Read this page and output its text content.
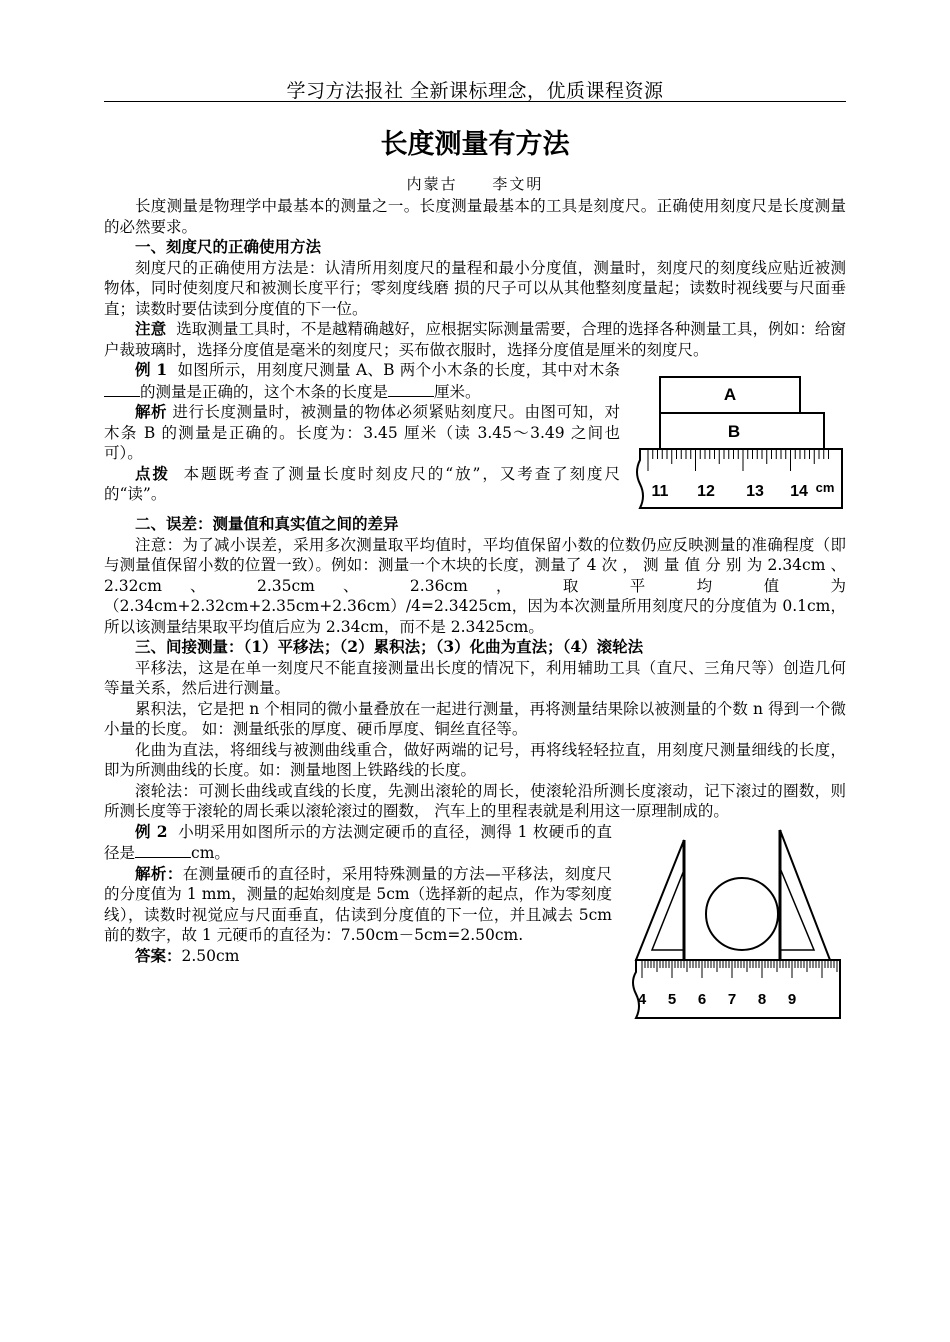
学习方法报社 全新课标理念，优质课程资源
长度测量有方法
内蒙古 李文明

长度测量是物理学中最基本的测量之一。长度测量最基本的工具是刻度尺。正确使用刻度尺是长度测量的必然要求。

一、刻度尺的正确使用方法

刻度尺的正确使用方法是：认清所用刻度尺的量程和最小分度值，测量时，刻度尺的刻度线应贴近被测物体，同时使刻度尺和被测长度平行；零刻度线磨 损的尺子可以从其他整刻度量起；读数时视线要与尺面垂直；读数时要估读到分度值的下一位。

注意 选取测量工具时，不是越精确越好，应根据实际测量需要，合理的选择各种测量工具，例如：给窗户裁玻璃时，选择分度值是毫米的刻度尺；买布做衣服时，选择分度值是厘米的刻度尺。

A
B
11 12 13 14 cm

例 1 如图所示，用刻度尺测量 A、B 两个小木条的长度，其中对木条的测量是正确的，这个木条的长度是	厘米。

解析 进行长度测量时，被测量的物体必须紧贴刻度尺。由图可知，对木条 B 的测量是正确的。长度为：3.45 厘米（读 3.45～3.49 之间也可）。

点拨 本题既考查了测量长度时刻皮尺的“放”，又考查了刻度尺的“读”。

二、误差：测量值和真实值之间的差异

注意：为了减小误差，采用多次测量取平均值时，平均值保留小数的位数仍应反映测量的准确程度（即与测量值保留小数的位置一致）。例如：测量一个木块的长度，测量了 4 次 ， 测 量 值 分 别 为 2.34cm 、 2.32cm 、 2.35cm 、 2.36cm ， 取 平 均 值 为（2.34cm+2.32cm+2.35cm+2.36cm）/4=2.3425cm，因为本次测量所用刻度尺的分度值为 0.1cm，所以该测量结果取平均值后应为 2.34cm，而不是 2.3425cm。

三、间接测量：（1）平移法；（2）累积法；（3）化曲为直法；（4）滚轮法

平移法，这是在单一刻度尺不能直接测量出长度的情况下，利用辅助工具（直尺、三角尺等）创造几何等量关系，然后进行测量。

累积法，它是把 n 个相同的微小量叠放在一起进行测量，再将测量结果除以被测量的个数 n 得到一个微小量的长度。 如：测量纸张的厚度、硬币厚度、铜丝直径等。

化曲为直法，将细线与被测曲线重合，做好两端的记号，再将线轻轻拉直，用刻度尺测量细线的长度，即为所测曲线的长度。如：测量地图上铁路线的长度。

滚轮法：可测长曲线或直线的长度，先测出滚轮的周长，使滚轮沿所测长度滚动，记下滚过的圈数，则所测长度等于滚轮的周长乘以滚轮滚过的圈数， 汽车上的里程表就是利用这一原理制成的。

4 5 6 7 8 9

例 2 小明采用如图所示的方法测定硬币的直径，测得 1 枚硬币的直径是	cm。

解析：在测量硬币的直径时，采用特殊测量的方法—平移法，刻度尺的分度值为 1 mm，测量的起始刻度是 5cm（选择新的起点，作为零刻度线），读数时视觉应与尺面垂直，估读到分度值的下一位，并且减去 5cm 前的数字，故 1 元硬币的直径为：7.50cm－5cm=2.50cm.

答案：2.50cm
